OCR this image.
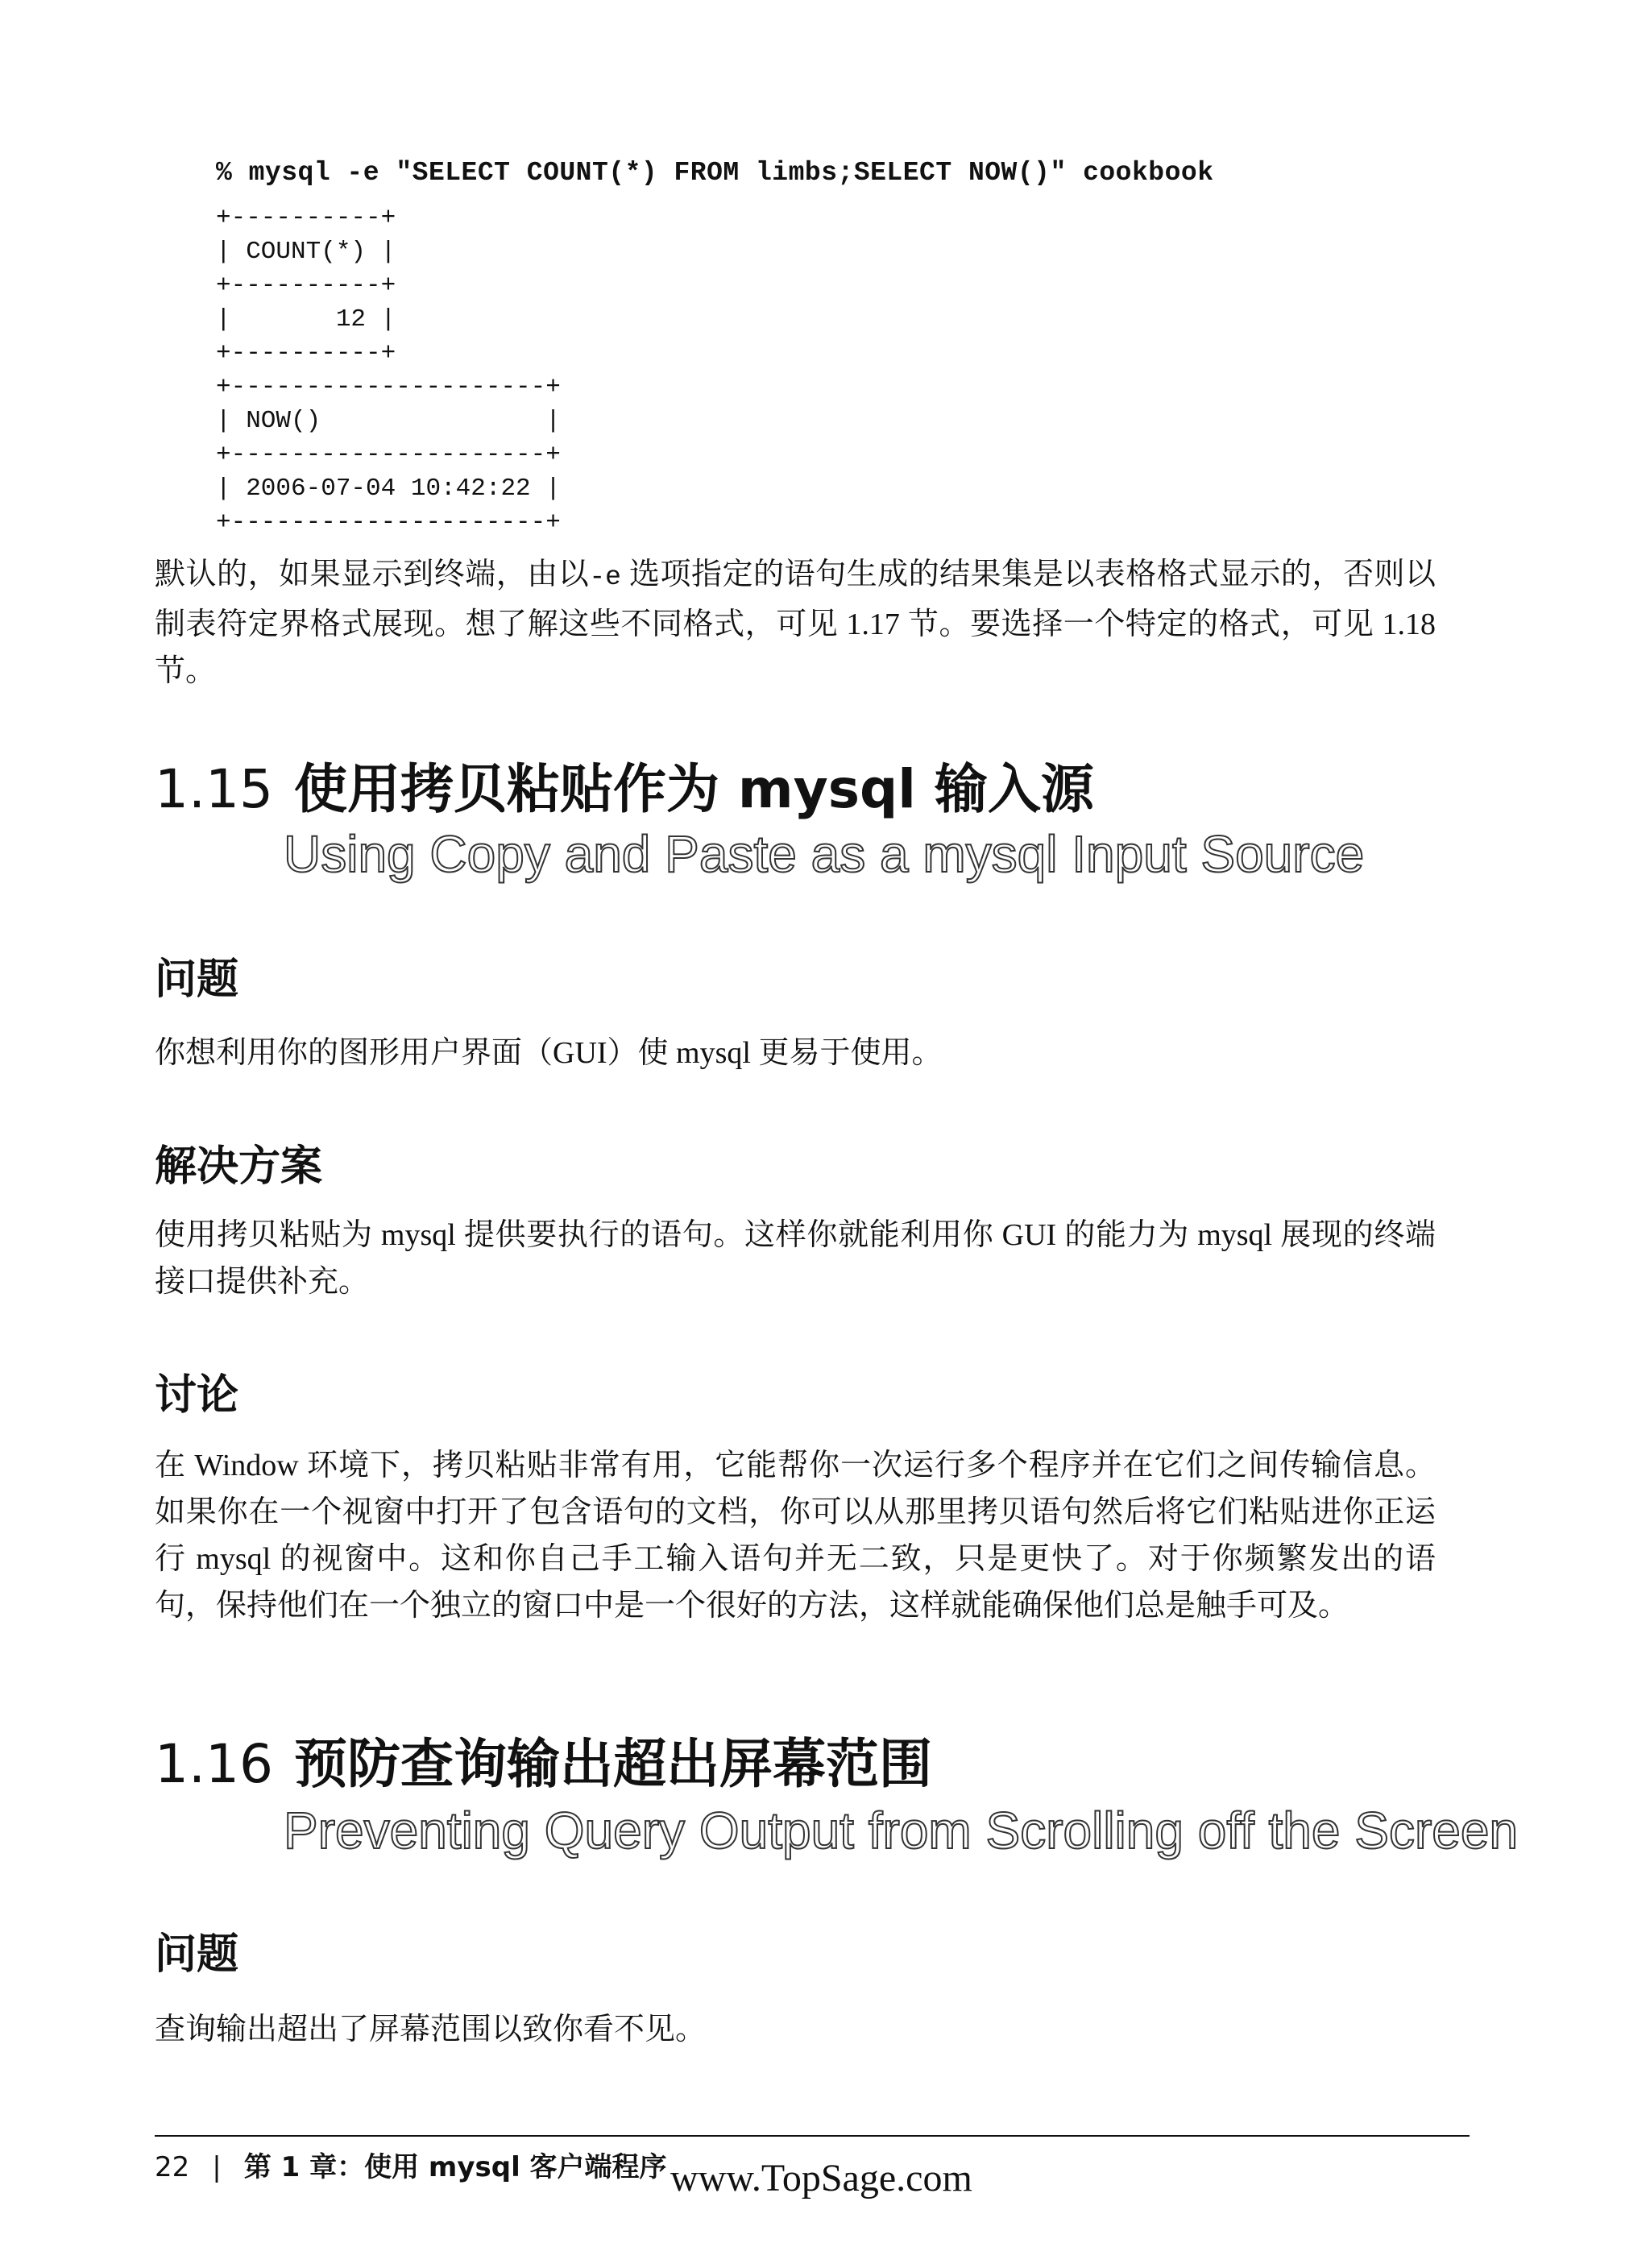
% mysql -e "SELECT COUNT(*) FROM limbs;SELECT NOW()" cookbook
+----------+
| COUNT(*) |
+----------+
|       12 |
+----------+
+---------------------+
| NOW()               |
+---------------------+
| 2006-07-04 10:42:22 |
+---------------------+

默认的，如果显示到终端，由以-e 选项指定的语句生成的结果集是以表格格式显示的，否则以制表符定界格式展现。想了解这些不同格式，可见 1.17 节。要选择一个特定的格式，可见 1.18 节。

1.15 使用拷贝粘贴作为 mysql 输入源
Using Copy and Paste as a mysql Input Source
问题

你想利用你的图形用户界面（GUI）使 mysql 更易于使用。

解决方案

使用拷贝粘贴为 mysql 提供要执行的语句。这样你就能利用你 GUI 的能力为 mysql 展现的终端接口提供补充。

讨论

在 Window 环境下，拷贝粘贴非常有用，它能帮你一次运行多个程序并在它们之间传输信息。如果你在一个视窗中打开了包含语句的文档，你可以从那里拷贝语句然后将它们粘贴进你正运行 mysql 的视窗中。这和你自己手工输入语句并无二致，只是更快了。对于你频繁发出的语句，保持他们在一个独立的窗口中是一个很好的方法，这样就能确保他们总是触手可及。

1.16 预防查询输出超出屏幕范围
Preventing Query Output from Scrolling off the Screen
问题

查询输出超出了屏幕范围以致你看不见。

22 | 第 1 章：使用 mysql 客户端程序 www.TopSage.com
